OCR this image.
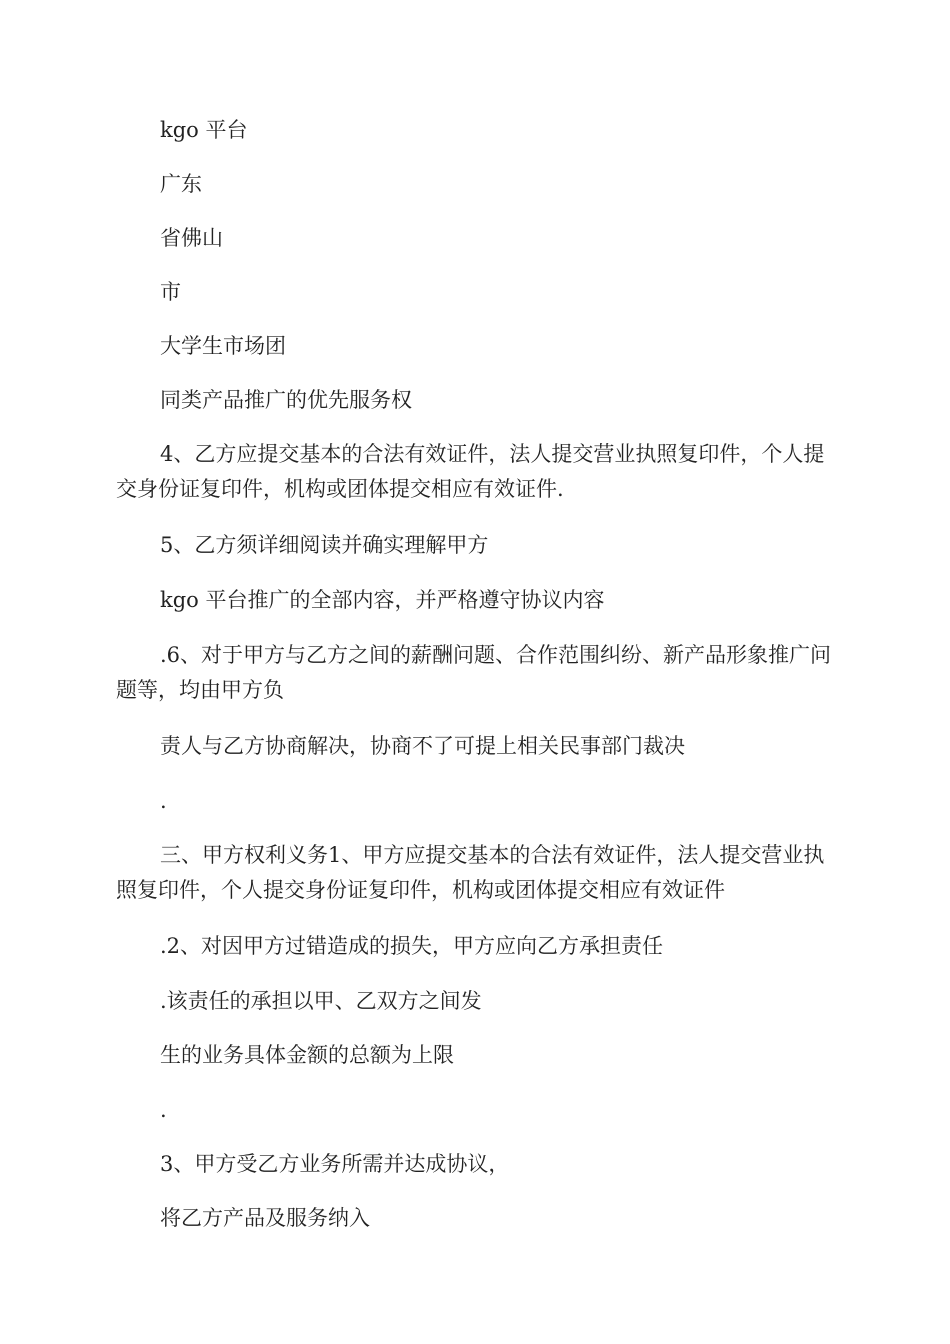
kgo 平台

广东

省佛山

市

大学生市场团

同类产品推广的优先服务权

4、乙方应提交基本的合法有效证件，法人提交营业执照复印件，个人提交身份证复印件，机构或团体提交相应有效证件.

5、乙方须详细阅读并确实理解甲方

kgo 平台推广的全部内容，并严格遵守协议内容

.6、对于甲方与乙方之间的薪酬问题、合作范围纠纷、新产品形象推广问题等，均由甲方负

责人与乙方协商解决，协商不了可提上相关民事部门裁决

.

三、甲方权利义务1、甲方应提交基本的合法有效证件，法人提交营业执照复印件，个人提交身份证复印件，机构或团体提交相应有效证件

.2、对因甲方过错造成的损失，甲方应向乙方承担责任

.该责任的承担以甲、乙双方之间发

生的业务具体金额的总额为上限

.

3、甲方受乙方业务所需并达成协议，

将乙方产品及服务纳入
